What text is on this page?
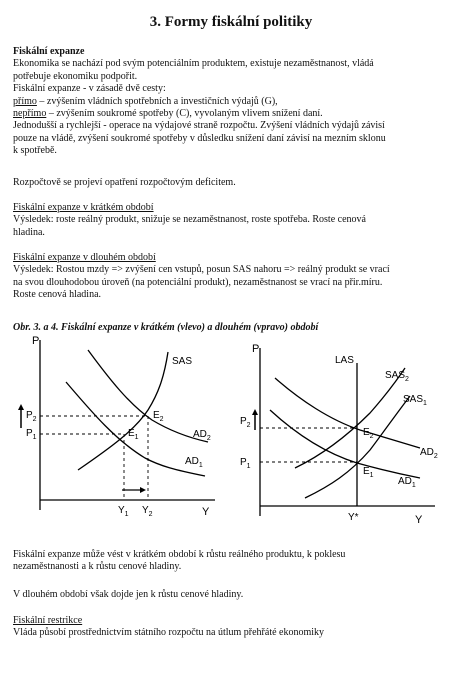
3. Formy fiskální politiky

Fiskální expanze

Ekonomika se nachází pod svým potenciálním produktem, existuje nezaměstnanost, vládá

potřebuje ekonomiku podpořit.

Fiskální expanze - v zásadě dvě cesty:

přímo – zvýšením vládních spotřebních a investičních výdajů (G),

nepřímo – zvýšením soukromé spotřeby (C), vyvolaným vlivem snížení daní.

Jednodušší a rychlejší - operace na výdajové straně rozpočtu. Zvýšení vládních výdajů závisí

pouze na vládě, zvýšení soukromé spotřeby v důsledku snížení daní závisí na mezním sklonu

k spotřebě.

Rozpočtově se projeví opatření rozpočtovým deficitem.

Fiskální expanze v krátkém období

Výsledek: roste reálný produkt, snižuje se nezaměstnanost, roste spotřeba. Roste cenová

hladina.

Fiskální expanze v dlouhém období

Výsledek: Rostou mzdy => zvýšení cen vstupů, posun SAS nahoru => reálný produkt se vrací

na svou dlouhodobou úroveň (na potenciální produkt), nezaměstnanost se vrací na přir.míru.

Roste cenová hladina.

Obr. 3. a 4. Fiskální expanze v krátkém (vlevo) a dlouhém (vpravo) období
P
Y
$P_2$
$P_1$
$Y_1$ $Y_2$
$E_1$
$E_2$
SAS
$AD_2$
$AD_1$
P
Y
$P_2$
$P_1$
Y*
$E_2$
$E_1$
LAS
$SAS_2$
$SAS_1$
$AD_2$
$AD_1$

Fiskální expanze může vést v krátkém období k růstu reálného produktu, k poklesu

nezaměstnanosti a k růstu cenové hladiny.

V dlouhém období však dojde jen k růstu cenové hladiny.

Fiskální restrikce

Vláda působí prostřednictvím státního rozpočtu na útlum přehřáté ekonomiky
